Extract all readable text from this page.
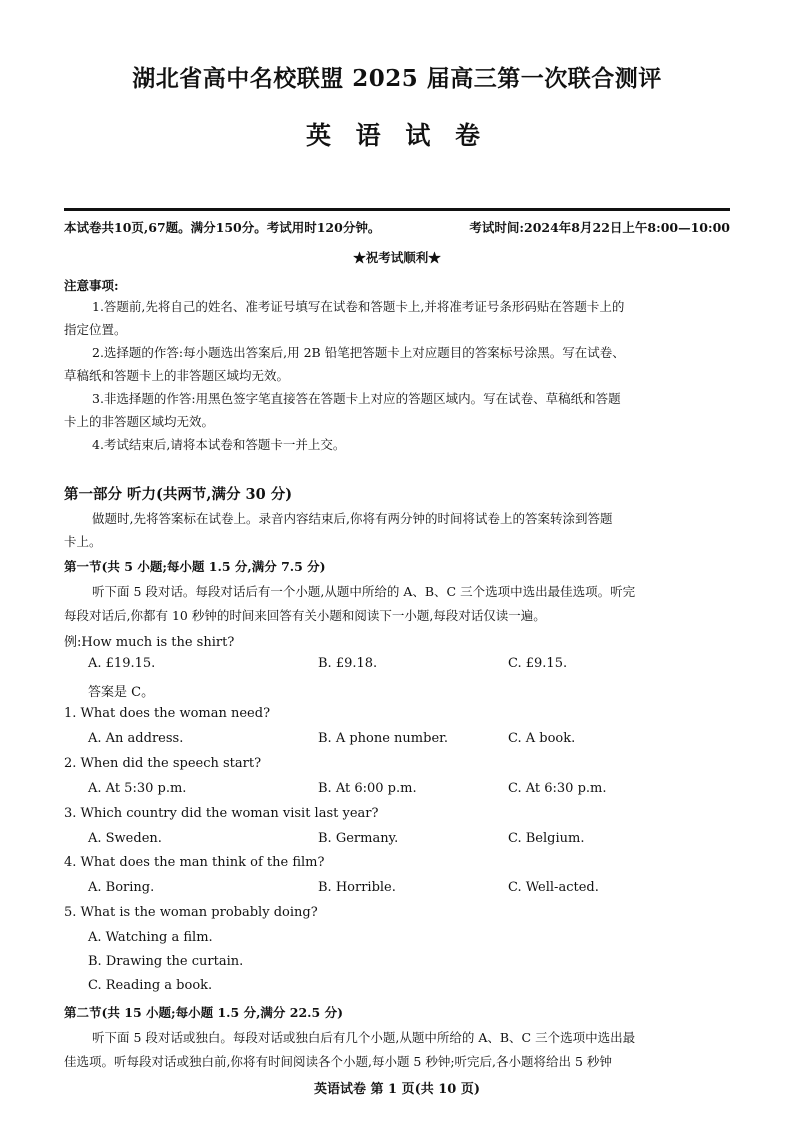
湖北省高中名校联盟 2025 届高三第一次联合测评
英 语 试 卷
本试卷共10页,67题。满分150分。考试用时120分钟。	考试时间:2024年8月22日上午8:00—10:00
★祝考试顺利★
注意事项:
1.答题前,先将自己的姓名、准考证号填写在试卷和答题卡上,并将准考证号条形码贴在答题卡上的
指定位置。
2.选择题的作答:每小题选出答案后,用 2B 铅笔把答题卡上对应题目的答案标号涂黑。写在试卷、
草稿纸和答题卡上的非答题区域均无效。
3.非选择题的作答:用黑色签字笔直接答在答题卡上对应的答题区域内。写在试卷、草稿纸和答题
卡上的非答题区域均无效。
4.考试结束后,请将本试卷和答题卡一并上交。
第一部分 听力(共两节,满分 30 分)
做题时,先将答案标在试卷上。录音内容结束后,你将有两分钟的时间将试卷上的答案转涂到答题
卡上。
第一节(共 5 小题;每小题 1.5 分,满分 7.5 分)
听下面 5 段对话。每段对话后有一个小题,从题中所给的 A、B、C 三个选项中选出最佳选项。听完
每段对话后,你都有 10 秒钟的时间来回答有关小题和阅读下一小题,每段对话仅读一遍。
例:How much is the shirt?
A. £19.15.	B. £9.18.	C. £9.15.
答案是 C。
1. What does the woman need?
A. An address.	B. A phone number.	C. A book.
2. When did the speech start?
A. At 5:30 p.m.	B. At 6:00 p.m.	C. At 6:30 p.m.
3. Which country did the woman visit last year?
A. Sweden.	B. Germany.	C. Belgium.
4. What does the man think of the film?
A. Boring.	B. Horrible.	C. Well-acted.
5. What is the woman probably doing?
A. Watching a film.
B. Drawing the curtain.
C. Reading a book.
第二节(共 15 小题;每小题 1.5 分,满分 22.5 分)
听下面 5 段对话或独白。每段对话或独白后有几个小题,从题中所给的 A、B、C 三个选项中选出最
佳选项。听每段对话或独白前,你将有时间阅读各个小题,每小题 5 秒钟;听完后,各小题将给出 5 秒钟
英语试卷 第 1 页(共 10 页)
